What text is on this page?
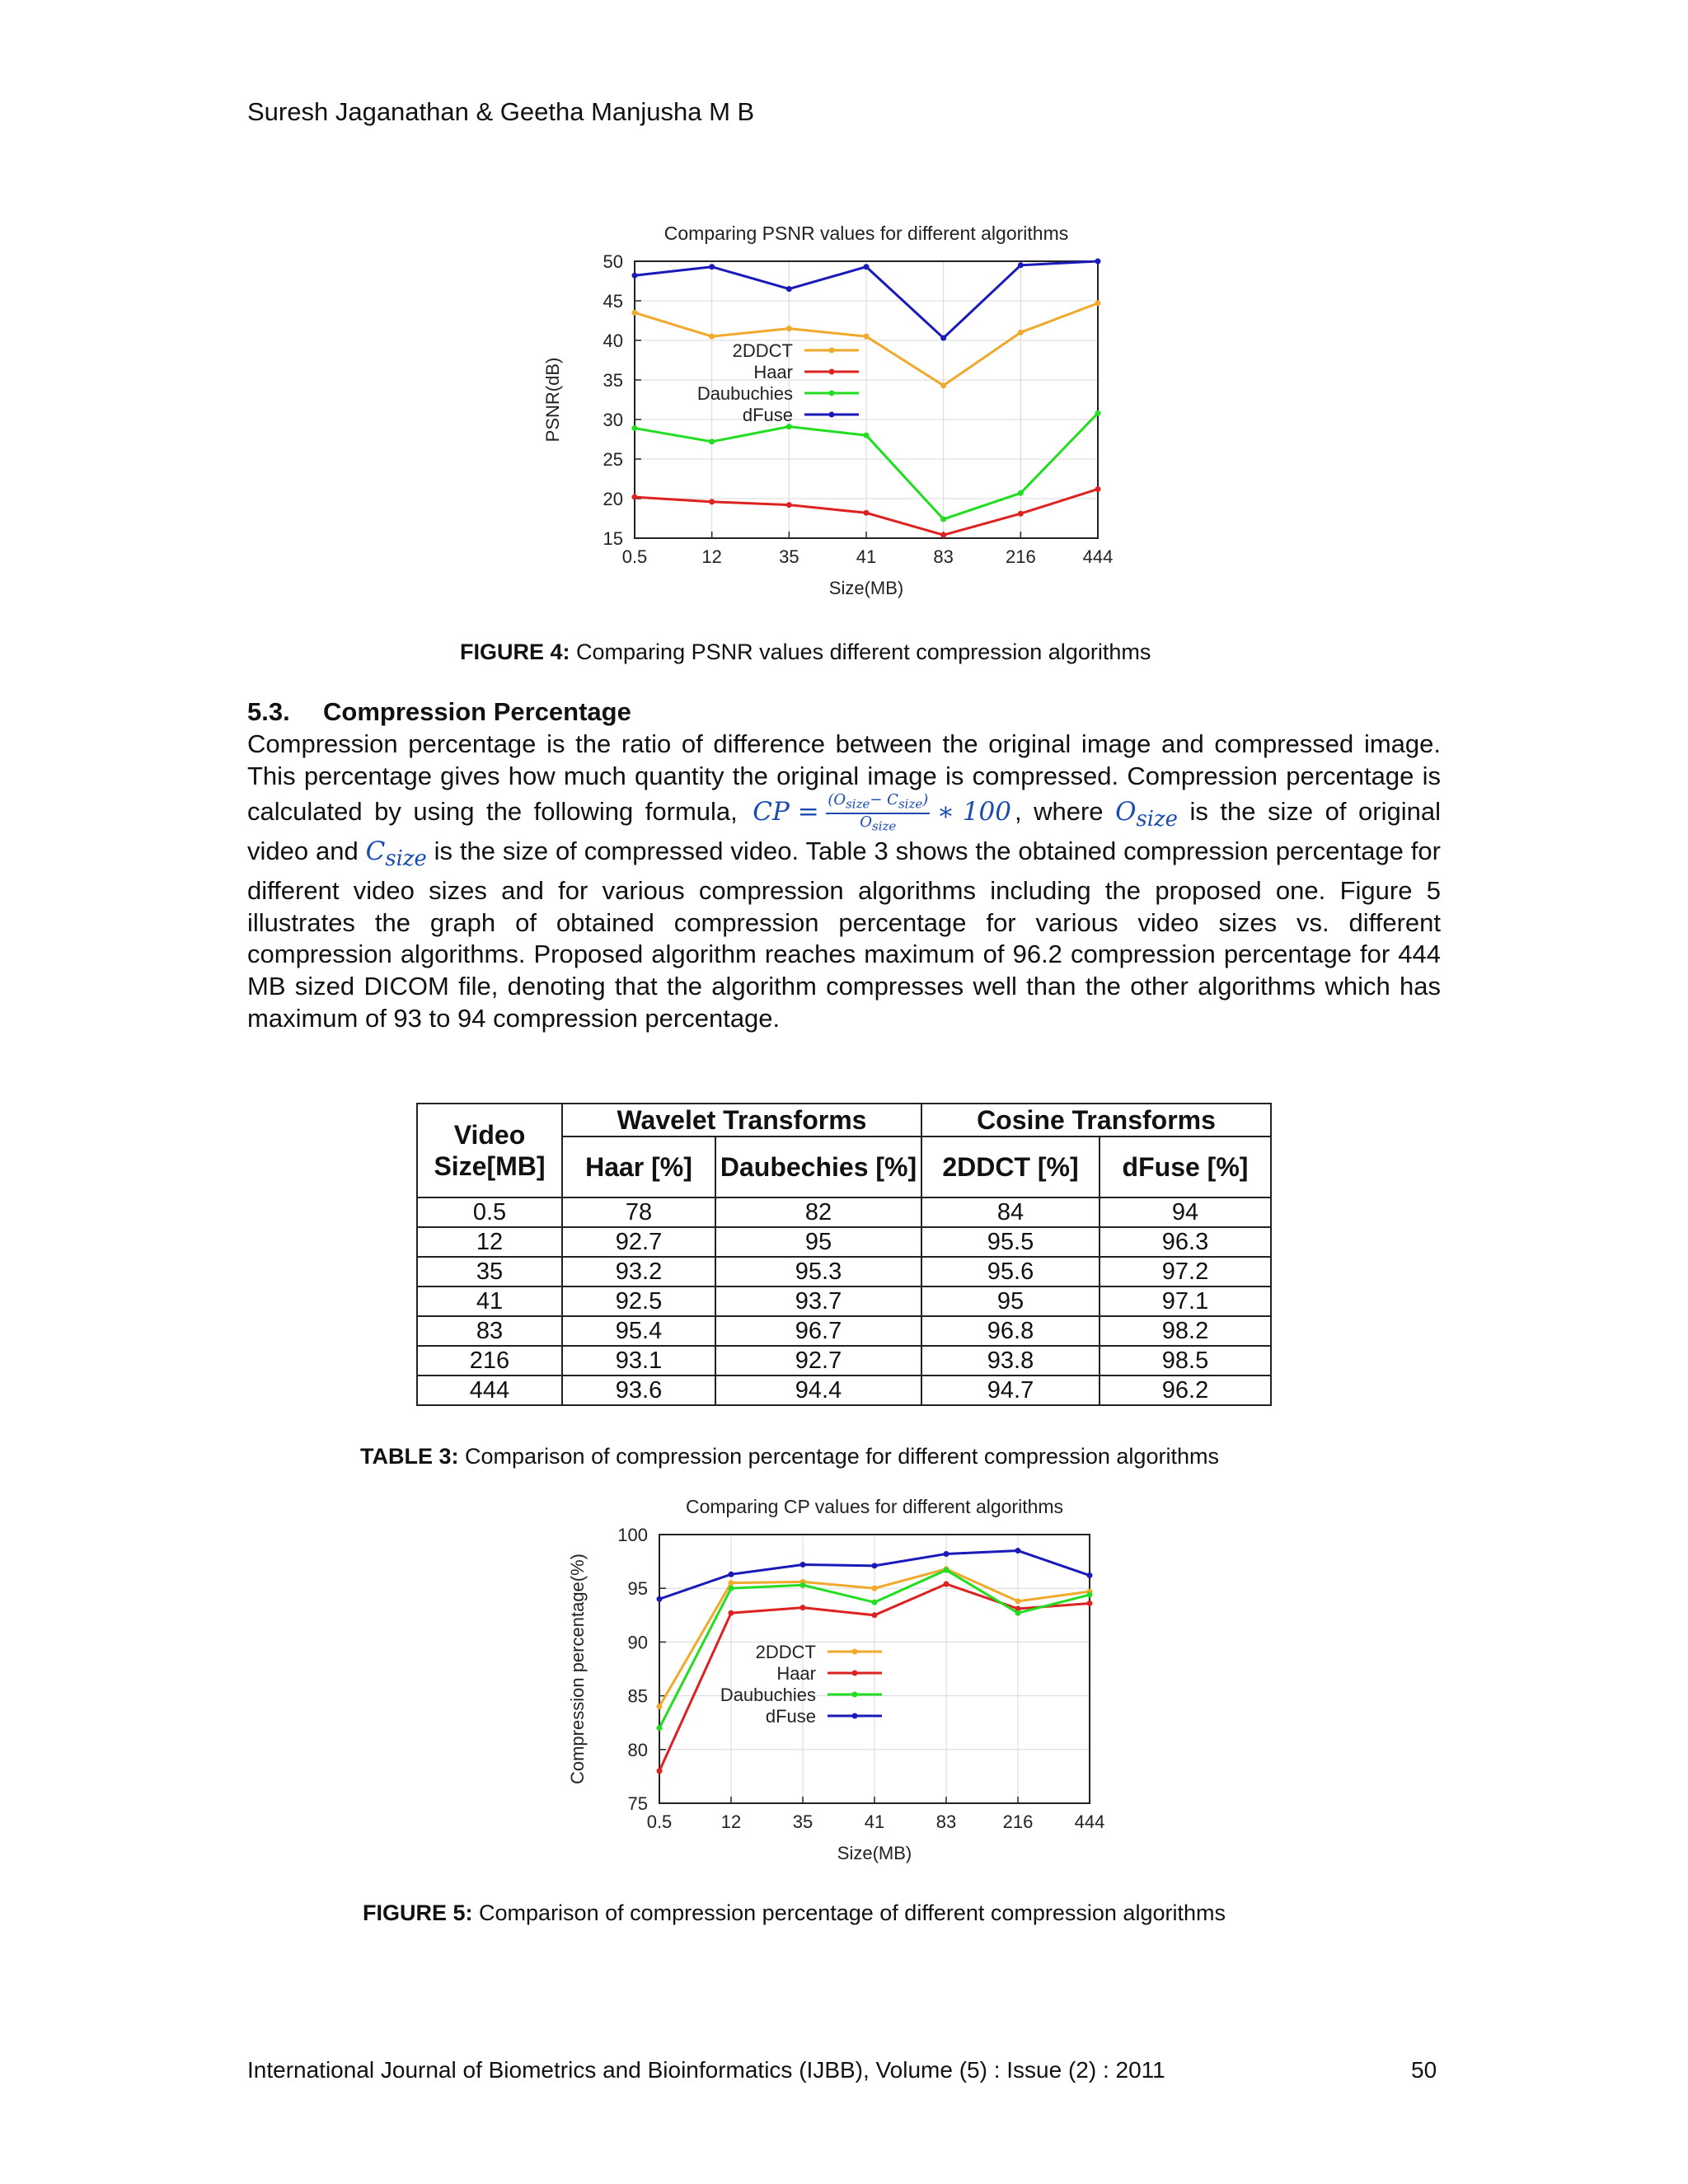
Suresh Jaganathan & Geetha Manjusha M B
15
20
25
30
35
40
45
50
0.5	12	35	41	83	216	444
Comparing PSNR values for different algorithms
Size(MB)
PSNR(dB)
2DDCT
Haar
Daubuchies
dFuse
FIGURE 4: Comparing PSNR values different compression algorithms
5.3. Compression Percentage

Compression percentage is the ratio of difference between the original image and compressed image. This percentage gives how much quantity the original image is compressed. Compression percentage is calculated by using the following formula, CP = $\frac{(O_{size}- C_{size})}{O_{size}}$ ∗ 100 , where $O_{size}$ is the size of original video and $C_{size}$ is the size of compressed video. Table 3 shows the obtained compression percentage for different video sizes and for various compression algorithms including the proposed one. Figure 5 illustrates the graph of obtained compression percentage for various video sizes vs. different compression algorithms. Proposed algorithm reaches maximum of 96.2 compression percentage for 444 MB sized DICOM file, denoting that the algorithm compresses well than the other algorithms which has maximum of 93 to 94 compression percentage.

Video Size[MB]	Wavelet Transforms		Cosine Transforms	
	Haar [%]	Daubechies [%]	2DDCT [%]	dFuse [%]
0.5	78	82	84	94
12	92.7	95	95.5	96.3
35	93.2	95.3	95.6	97.2
41	92.5	93.7	95	97.1
83	95.4	96.7	96.8	98.2
216	93.1	92.7	93.8	98.5
444	93.6	94.4	94.7	96.2
TABLE 3: Comparison of compression percentage for different compression algorithms
75
80
85
90
95
100
0.5	12	35	41	83	216 444
Comparing CP values for different algorithms
Size(MB)
Compression percentage(%)	2DDCT
Haar
Daubuchies
dFuse
FIGURE 5: Comparison of compression percentage of different compression algorithms
International Journal of Biometrics and Bioinformatics (IJBB), Volume (5) : Issue (2) : 2011	50
